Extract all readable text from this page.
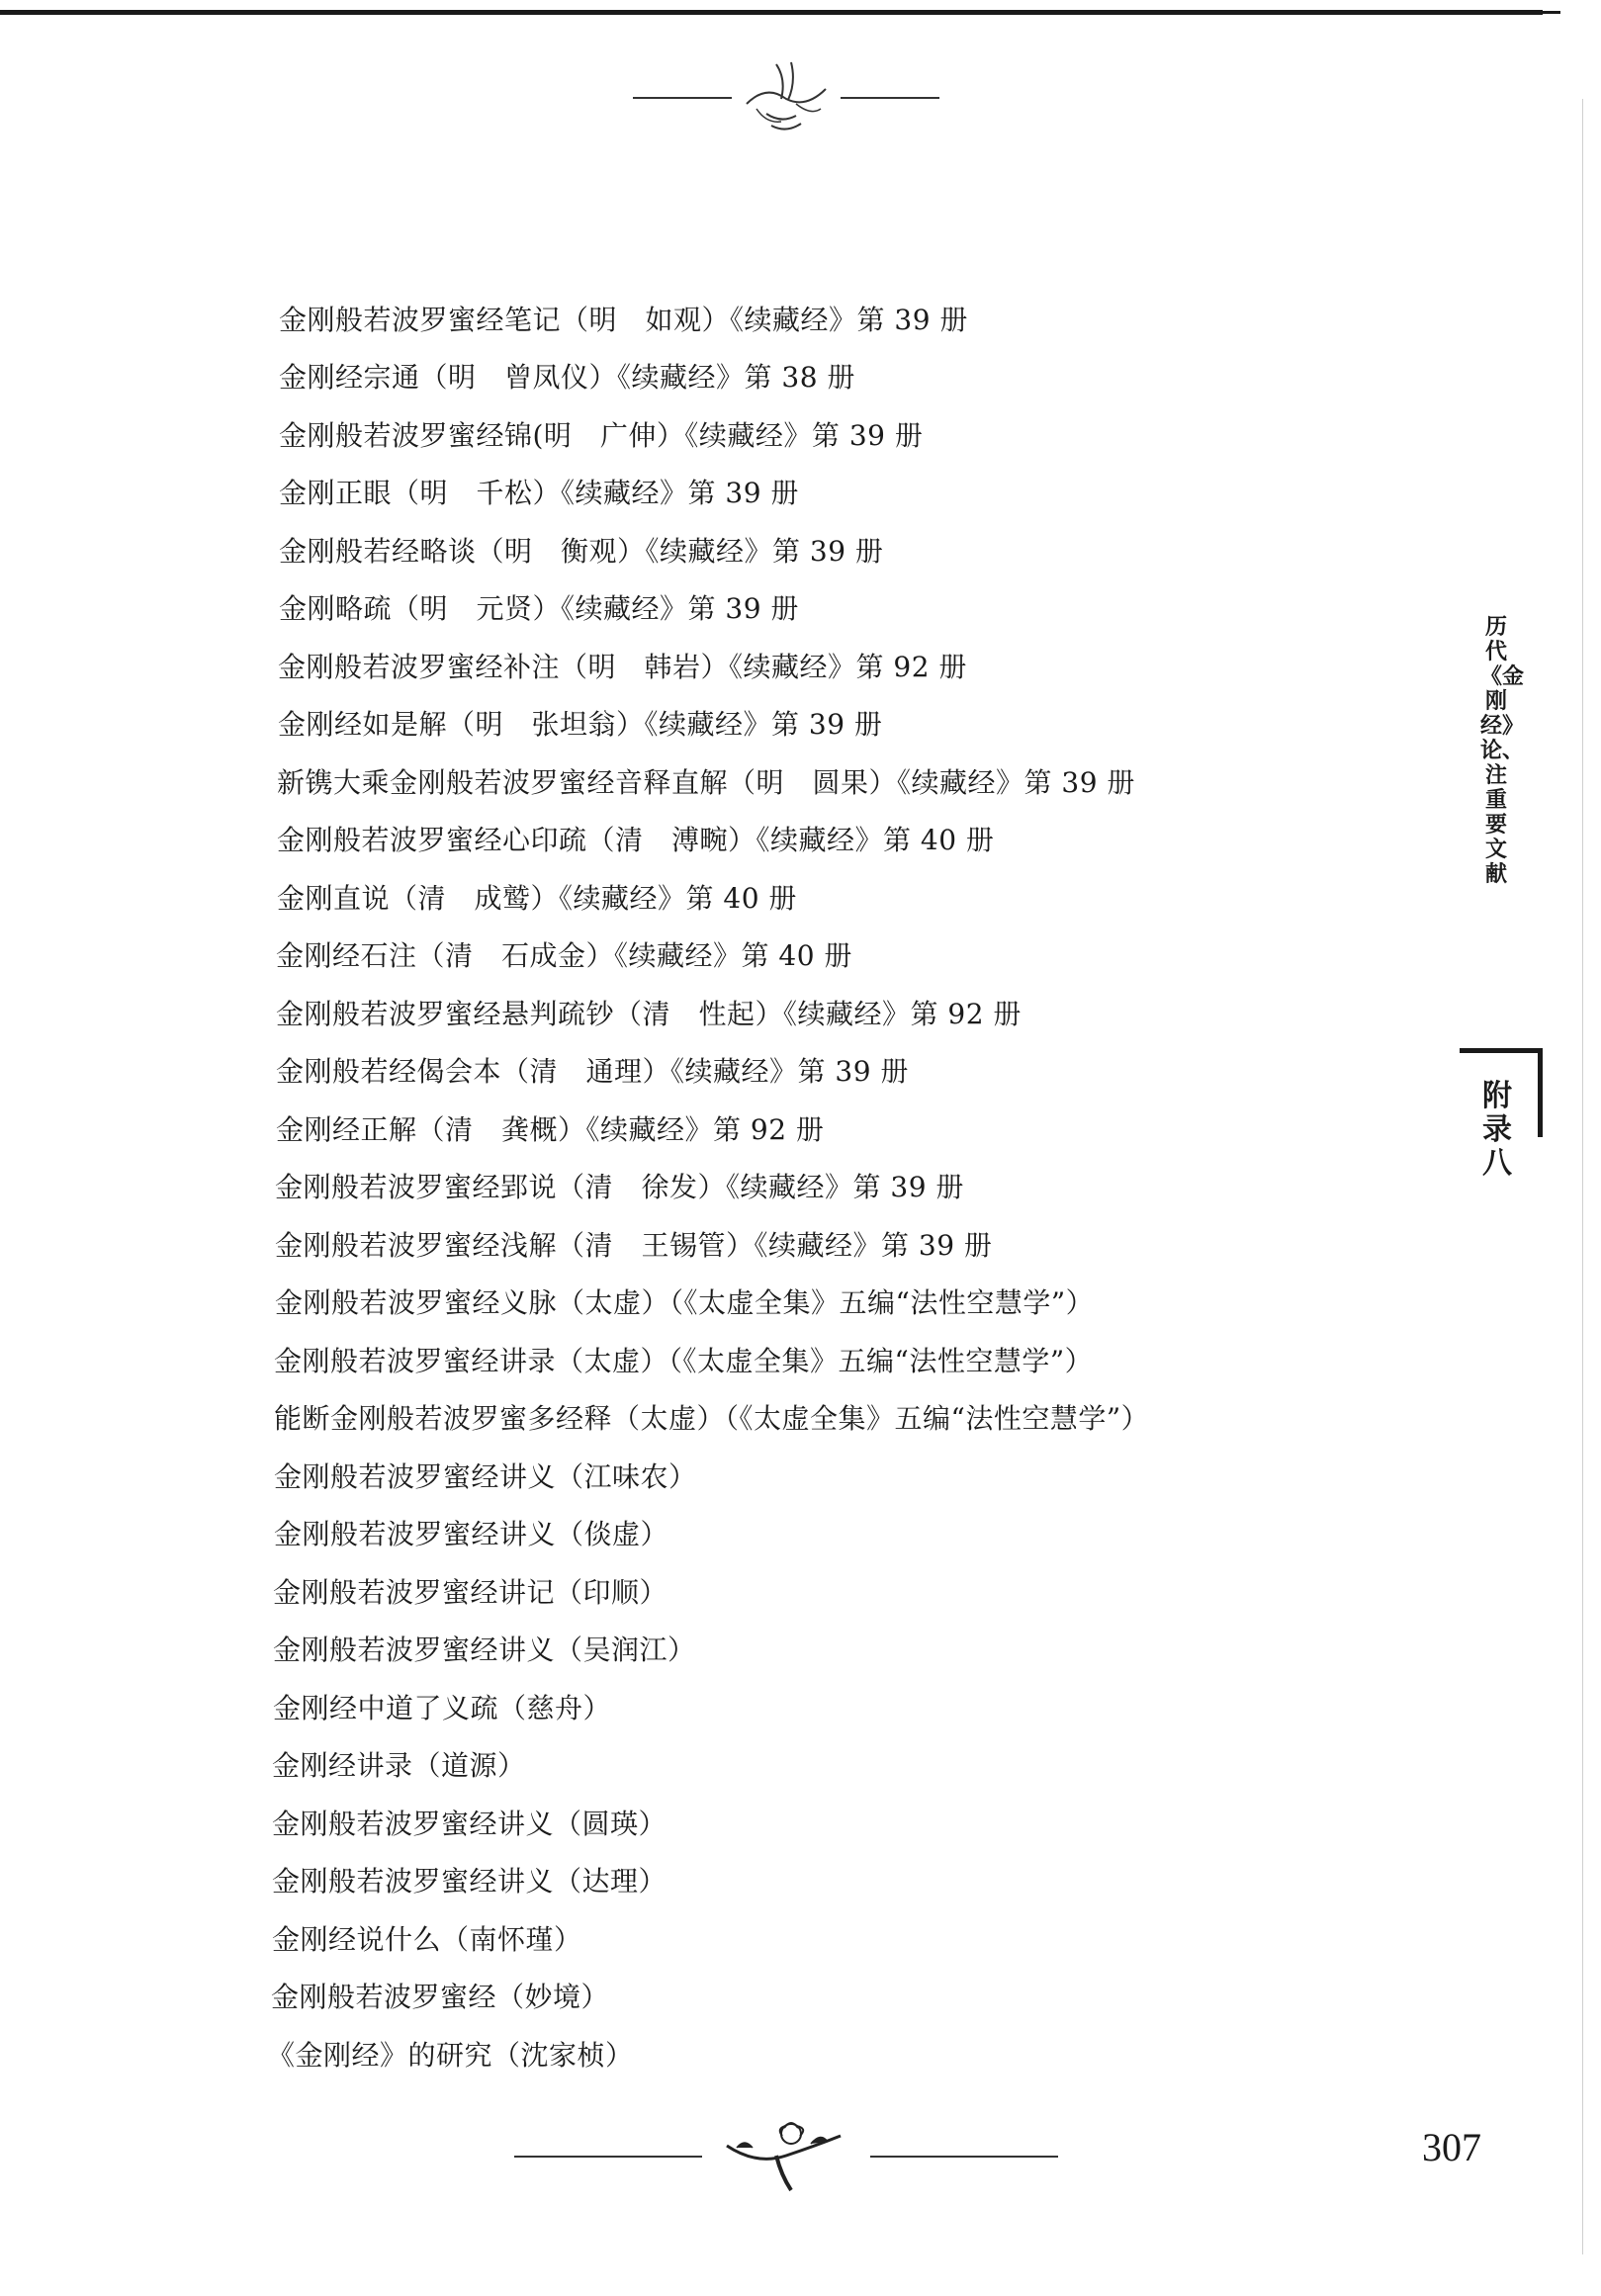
金刚般若波罗蜜经笔记（明　如观）《续藏经》第 39 册
金刚经宗通（明　曾凤仪）《续藏经》第 38 册
金刚般若波罗蜜经锦(明　广伸）《续藏经》第 39 册
金刚正眼（明　千松）《续藏经》第 39 册
金刚般若经略谈（明　衡观）《续藏经》第 39 册
金刚略疏（明　元贤）《续藏经》第 39 册
金刚般若波罗蜜经补注（明　韩岩）《续藏经》第 92 册
金刚经如是解（明　张坦翁）《续藏经》第 39 册
新镌大乘金刚般若波罗蜜经音释直解（明　圆果）《续藏经》第 39 册
金刚般若波罗蜜经心印疏（清　溥畹）《续藏经》第 40 册
金刚直说（清　成鹫）《续藏经》第 40 册
金刚经石注（清　石成金）《续藏经》第 40 册
金刚般若波罗蜜经悬判疏钞（清　性起）《续藏经》第 92 册
金刚般若经偈会本（清　通理）《续藏经》第 39 册
金刚经正解（清　龚概）《续藏经》第 92 册
金刚般若波罗蜜经郢说（清　徐发）《续藏经》第 39 册
金刚般若波罗蜜经浅解（清　王锡管）《续藏经》第 39 册
金刚般若波罗蜜经义脉（太虚）（《太虚全集》五编“法性空慧学”）
金刚般若波罗蜜经讲录（太虚）（《太虚全集》五编“法性空慧学”）
能断金刚般若波罗蜜多经释（太虚）（《太虚全集》五编“法性空慧学”）
金刚般若波罗蜜经讲义（江味农）
金刚般若波罗蜜经讲义（倓虚）
金刚般若波罗蜜经讲记（印顺）
金刚般若波罗蜜经讲义（吴润江）
金刚经中道了义疏（慈舟）
金刚经讲录（道源）
金刚般若波罗蜜经讲义（圆瑛）
金刚般若波罗蜜经讲义（达理）
金刚经说什么（南怀瑾）
金刚般若波罗蜜经（妙境）
《金刚经》的研究（沈家桢）
历代《金刚经》论、注重要文献
附录八
307
